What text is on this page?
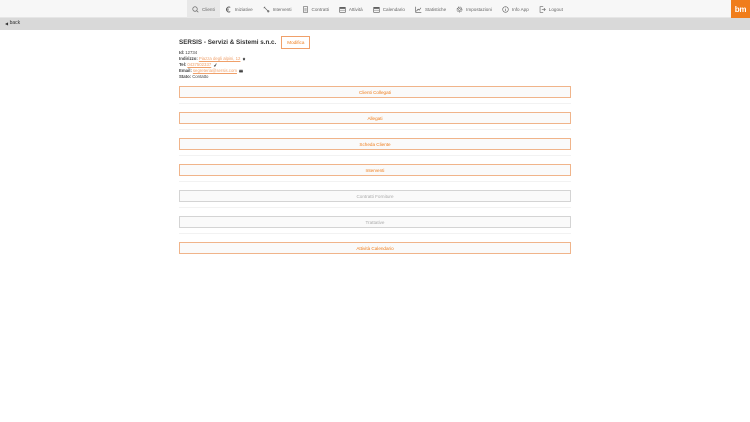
Clienti	Iniziative	Interventi	Contratti	Attività	Calendario	Statistiche	Impostazioni	Info App	Logout	bm
◀ back
SERSIS - Servizi & Sistemi s.n.c.	Modifica
Id: 12734
Indirizzo: Piazza degli alpini, 12
Tel: 0437502337
Email: segreteria@sersis.com
Stato: Contatto
Clienti Collegati
Allegati
Scheda Cliente
Interventi
Contratti Forniture
Trattative
Attività Calendario
